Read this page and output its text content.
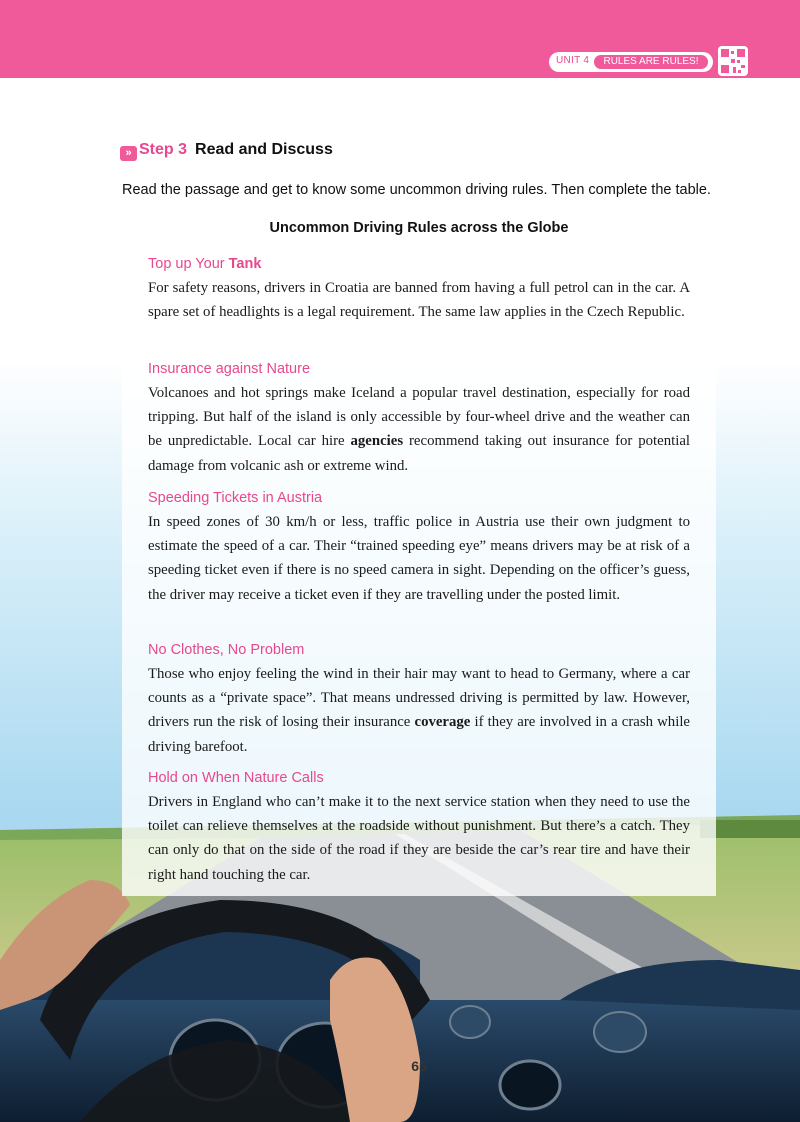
UNIT 4	RULES ARE RULES!
» Step 3 Read and Discuss
Read the passage and get to know some uncommon driving rules. Then complete the table.
Uncommon Driving Rules across the Globe
Top up Your Tank
For safety reasons, drivers in Croatia are banned from having a full petrol can in the car. A spare set of headlights is a legal requirement. The same law applies in the Czech Republic.
Insurance against Nature
Volcanoes and hot springs make Iceland a popular travel destination, especially for road tripping. But half of the island is only accessible by four-wheel drive and the weather can be unpredictable. Local car hire agencies recommend taking out insurance for potential damage from volcanic ash or extreme wind.
Speeding Tickets in Austria
In speed zones of 30 km/h or less, traffic police in Austria use their own judgment to estimate the speed of a car. Their “trained speeding eye” means drivers may be at risk of a speeding ticket even if there is no speed camera in sight. Depending on the officer’s guess, the driver may receive a ticket even if they are travelling under the posted limit.
No Clothes, No Problem
Those who enjoy feeling the wind in their hair may want to head to Germany, where a car counts as a “private space”. That means undressed driving is permitted by law. However, drivers run the risk of losing their insurance coverage if they are involved in a crash while driving barefoot.
Hold on When Nature Calls
Drivers in England who can’t make it to the next service station when they need to use the toilet can relieve themselves at the roadside without punishment. But there’s a catch. They can only do that on the side of the road if they are beside the car’s rear tire and have their right hand touching the car.
65
